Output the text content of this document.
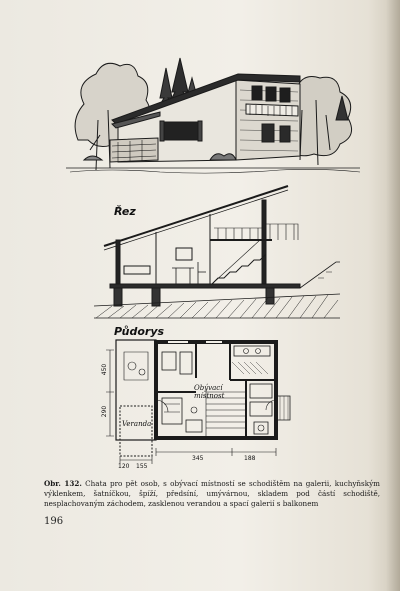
Řez
Půdorys
Obývací
místnost
Veranda
345	188
450
290
120 155
Obr. 132. Chata pro pět osob, s obývací místností se schodištěm na galerii, kuchyňským výklenkem, šatníčkou, špíží, předsíní, umývárnou, skladem pod částí schodiště, nesplachovaným záchodem, zasklenou verandou a spací galerií s balkonem
196
